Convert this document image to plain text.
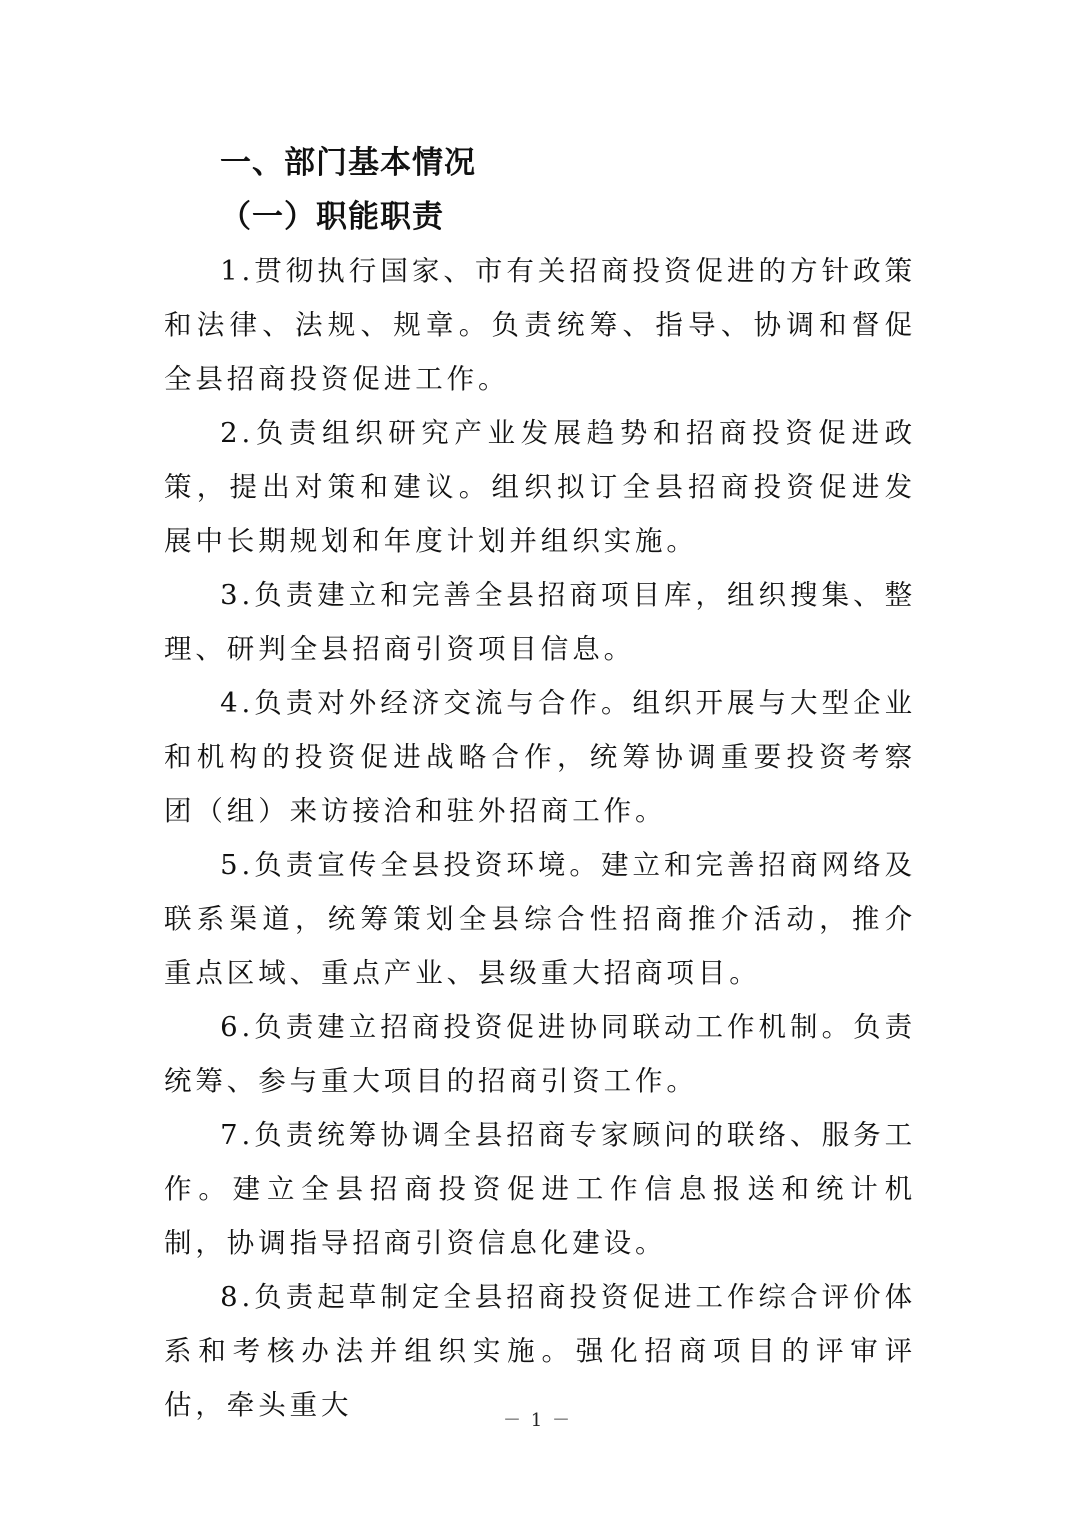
一、部门基本情况

（一）职能职责

1.贯彻执行国家、市有关招商投资促进的方针政策和法律、法规、规章。负责统筹、指导、协调和督促全县招商投资促进工作。

2.负责组织研究产业发展趋势和招商投资促进政策，提出对策和建议。组织拟订全县招商投资促进发展中长期规划和年度计划并组织实施。

3.负责建立和完善全县招商项目库，组织搜集、整理、研判全县招商引资项目信息。

4.负责对外经济交流与合作。组织开展与大型企业和机构的投资促进战略合作，统筹协调重要投资考察团（组）来访接洽和驻外招商工作。

5.负责宣传全县投资环境。建立和完善招商网络及联系渠道，统筹策划全县综合性招商推介活动，推介重点区域、重点产业、县级重大招商项目。

6.负责建立招商投资促进协同联动工作机制。负责统筹、参与重大项目的招商引资工作。

7.负责统筹协调全县招商专家顾问的联络、服务工作。建立全县招商投资促进工作信息报送和统计机制，协调指导招商引资信息化建设。

8.负责起草制定全县招商投资促进工作综合评价体系和考核办法并组织实施。强化招商项目的评审评估，牵头重大	－ 1 －
